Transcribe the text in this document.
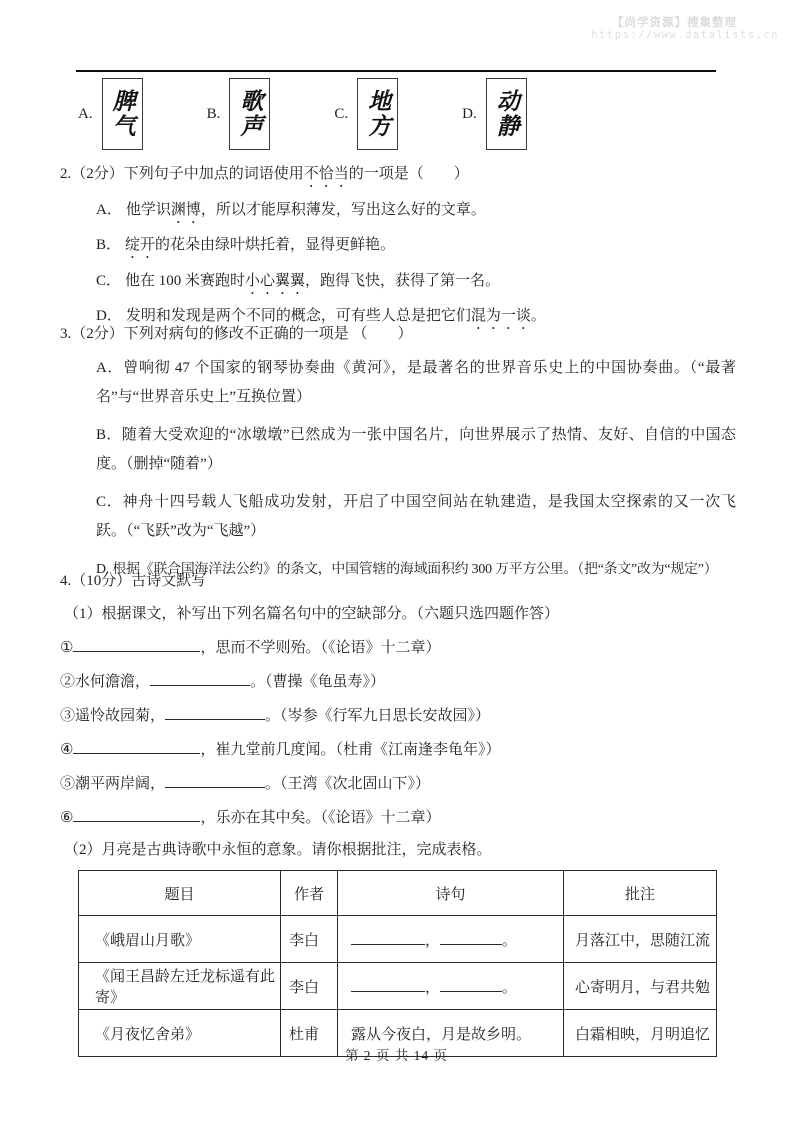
【尚学资源】搜集整理
https://www.datalists.cn
A. 脾气	B. 歌声	C. 地方	D. 动静
2.（2分）下列句子中加点的词语使用不恰当的一项是（　　）
A． 他学识渊博，所以才能厚积薄发，写出这么好的文章。
B． 绽开的花朵由绿叶烘托着，显得更鲜艳。
C． 他在 100 米赛跑时小心翼翼，跑得飞快，获得了第一名。
D． 发明和发现是两个不同的概念，可有些人总是把它们混为一谈。
3.（2分）下列对病句的修改不正确的一项是 （　　）

A．曾响彻 47 个国家的钢琴协奏曲《黄河》，是最著名的世界音乐史上的中国协奏曲。（“最著名”与“世界音乐史上”互换位置）

B．随着大受欢迎的“冰墩墩”已然成为一张中国名片，向世界展示了热情、友好、自信的中国态度。（删掉“随着”）

C．神舟十四号载人飞船成功发射，开启了中国空间站在轨建造，是我国太空探索的又一次飞跃。（“飞跃”改为“飞越”）

D. 根据《联合国海洋法公约》的条文，中国管辖的海域面积约 300 万平方公里。（把“条文”改为“规定”）

4.（10分）古诗文默写
（1）根据课文，补写出下列名篇名句中的空缺部分。（六题只选四题作答）
①	，思而不学则殆。（《论语》十二章）
②水何澹澹，	。（曹操《龟虽寿》）
③遥怜故园菊，	。（岑参《行军九日思长安故园》）
④	，崔九堂前几度闻。（杜甫《江南逢李龟年》）
⑤潮平两岸阔，	。（王湾《次北固山下》）
⑥	，乐亦在其中矣。（《论语》十二章）
（2）月亮是古典诗歌中永恒的意象。请你根据批注，完成表格。
题目	作者	诗句	批注
《峨眉山月歌》	李白	， 。	月落江中，思随江流
《闻王昌龄左迁龙标遥有此寄》	李白	， 。	心寄明月，与君共勉
《月夜忆舍弟》	杜甫	露从今夜白，月是故乡明。	白霜相映，月明追忆
第 2 页 共 14 页
